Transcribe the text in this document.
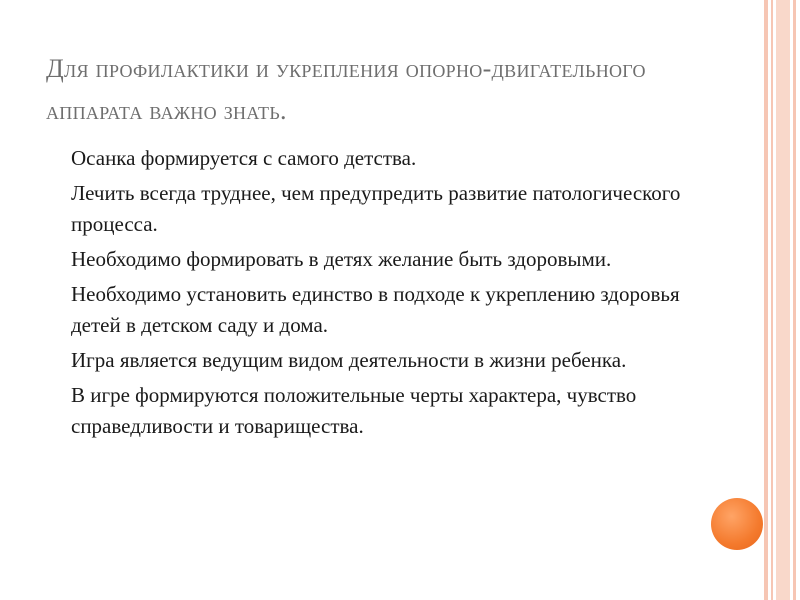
Для профилактики и укрепления опорно-двигательного аппарата важно знать.
Осанка формируется с самого детства.
Лечить всегда труднее, чем предупредить развитие патологического процесса.
Необходимо формировать в детях желание быть здоровыми.
Необходимо установить единство в подходе к укреплению здоровья детей в детском саду и дома.
Игра является ведущим видом деятельности в жизни ребенка.
В игре формируются положительные черты характера, чувство справедливости и товарищества.
